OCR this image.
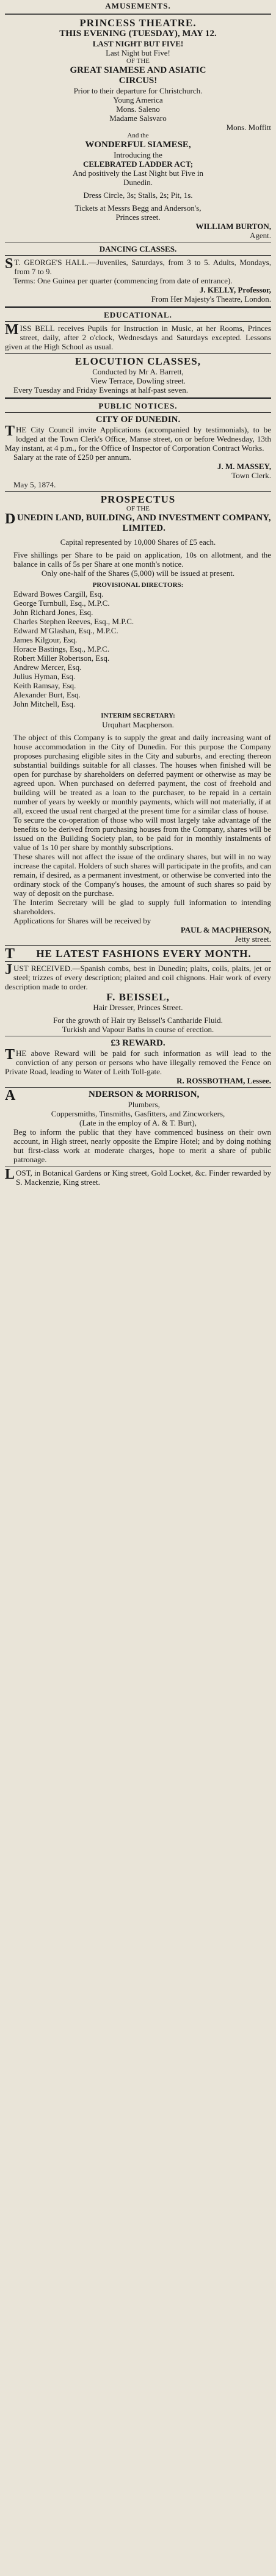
AMUSEMENTS.
PRINCESS THEATRE.
THIS EVENING (TUESDAY), MAY 12.
LAST NIGHT BUT FIVE!
Last Night but Five!
OF THE
GREAT SIAMESE AND ASIATIC
CIRCUS!
Prior to their departure for Christchurch.
Young America
Mons. Saleno
Madame Salsvaro
Mons. Moffitt
And the
WONDERFUL SIAMESE,
Introducing the
CELEBRATED LADDER ACT;
And positively the Last Night but Five in
Dunedin.
Dress Circle, 3s; Stalls, 2s; Pit, 1s.
Tickets at Messrs Begg and Anderson's,
Princes street.
WILLIAM BURTON,
Agent.
DANCING CLASSES.
ST. GEORGE'S HALL.—Juveniles, Saturdays, from 3 to 5. Adults, Mondays, from 7 to 9.
Terms: One Guinea per quarter (commencing from date of entrance).
J. KELLY, Professor,
From Her Majesty's Theatre, London.
EDUCATIONAL.
MISS BELL receives Pupils for Instruction in Music, at her Rooms, Princes street, daily, after 2 o'clock, Wednesdays and Saturdays excepted. Lessons given at the High School as usual.
ELOCUTION CLASSES,
Conducted by Mr A. Barrett,
View Terrace, Dowling street.
Every Tuesday and Friday Evenings at half-past seven.
PUBLIC NOTICES.
CITY OF DUNEDIN.
THE City Council invite Applications (accompanied by testimonials), to be lodged at the Town Clerk's Office, Manse street, on or before Wednesday, 13th May instant, at 4 p.m., for the Office of Inspector of Corporation Contract Works.
Salary at the rate of £250 per annum.
J. M. MASSEY,
Town Clerk.
May 5, 1874.
PROSPECTUS
OF THE
DUNEDIN LAND, BUILDING, AND INVESTMENT COMPANY, LIMITED.
Capital represented by 10,000 Shares of £5 each.
Five shillings per Share to be paid on application, 10s on allotment, and the balance in calls of 5s per Share at one month's notice.
Only one-half of the Shares (5,000) will be issued at present.
PROVISIONAL DIRECTORS:
Edward Bowes Cargill, Esq.
George Turnbull, Esq., M.P.C.
John Richard Jones, Esq.
Charles Stephen Reeves, Esq., M.P.C.
Edward M'Glashan, Esq., M.P.C.
James Kilgour, Esq.
Horace Bastings, Esq., M.P.C.
Robert Miller Robertson, Esq.
Andrew Mercer, Esq.
Julius Hyman, Esq.
Keith Ramsay, Esq.
Alexander Burt, Esq.
John Mitchell, Esq.
INTERIM SECRETARY:
Urquhart Macpherson.
The object of this Company is to supply the great and daily increasing want of house accommodation in the City of Dunedin. For this purpose the Company proposes purchasing eligible sites in the City and suburbs, and erecting thereon substantial buildings suitable for all classes. The houses when finished will be open for purchase by shareholders on deferred payment or otherwise as may be agreed upon. When purchased on deferred payment, the cost of freehold and building will be treated as a loan to the purchaser, to be repaid in a certain number of years by weekly or monthly payments, which will not materially, if at all, exceed the usual rent charged at the present time for a similar class of house.
To secure the co-operation of those who will most largely take advantage of the benefits to be derived from purchasing houses from the Company, shares will be issued on the Building Society plan, to be paid for in monthly instalments of value of 1s 10 per share by monthly subscriptions.
These shares will not affect the issue of the ordinary shares, but will in no way increase the capital. Holders of such shares will participate in the profits, and can remain, if desired, as a permanent investment, or otherwise be converted into the ordinary stock of the Company's houses, the amount of such shares so paid by way of deposit on the purchase.
The Interim Secretary will be glad to supply full information to intending shareholders.
Applications for Shares will be received by
PAUL & MACPHERSON,
Jetty street.
THE LATEST FASHIONS EVERY MONTH.
JUST RECEIVED.—Spanish combs, best in Dunedin; plaits, coils, plaits, jet or steel; trizzes of every description; plaited and coil chignons. Hair work of every description made to order.
F. BEISSEL,
Hair Dresser, Princes Street.
For the growth of Hair try Beissel's Cantharide Fluid.
Turkish and Vapour Baths in course of erection.
£3 REWARD.
THE above Reward will be paid for such information as will lead to the conviction of any person or persons who have illegally removed the Fence on Private Road, leading to Water of Leith Toll-gate.
R. ROSSBOTHAM, Lessee.
ANDERSON & MORRISON,
Plumbers,
Coppersmiths, Tinsmiths, Gasfitters, and Zincworkers,
(Late in the employ of A. & T. Burt),
Beg to inform the public that they have commenced business on their own account, in High street, nearly opposite the Empire Hotel; and by doing nothing but first-class work at moderate charges, hope to merit a share of public patronage.
LOST, in Botanical Gardens or King street, Gold Locket, &c. Finder rewarded by S. Mackenzie, King street.
